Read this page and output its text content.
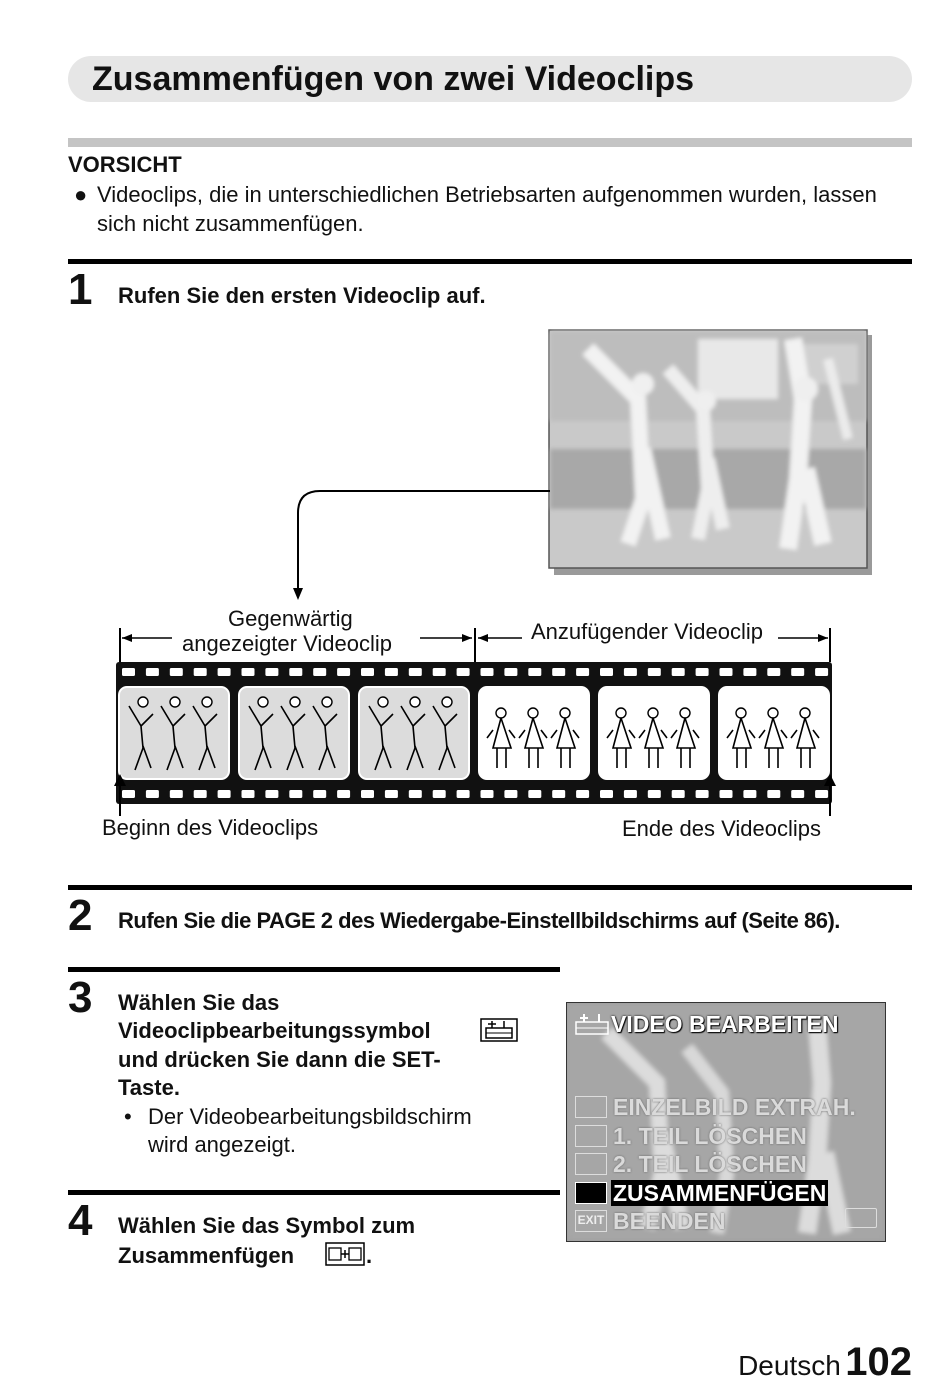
Zusammenfügen von zwei Videoclips
VORSICHT
● Videoclips, die in unterschiedlichen Betriebsarten aufgenommen wurden, lassen sich nicht zusammenfügen.
1 Rufen Sie den ersten Videoclip auf.
Gegenwärtig
angezeigter Videoclip	Anzufügender Videoclip
Beginn des Videoclips	Ende des Videoclips
2 Rufen Sie die PAGE 2 des Wiedergabe-Einstellbildschirms auf (Seite 86).
3 Wählen Sie das
Videoclipbearbeitungssymbol
und drücken Sie dann die SET-
Taste.
• Der Videobearbeitungsbildschirm
wird angezeigt.
4 Wählen Sie das Symbol zum
Zusammenfügen	.
VIDEO BEARBEITEN
EINZELBILD EXTRAH.
1. TEIL LÖSCHEN
2. TEIL LÖSCHEN
ZUSAMMENFÜGEN
EXIT BEENDEN
Deutsch 102
